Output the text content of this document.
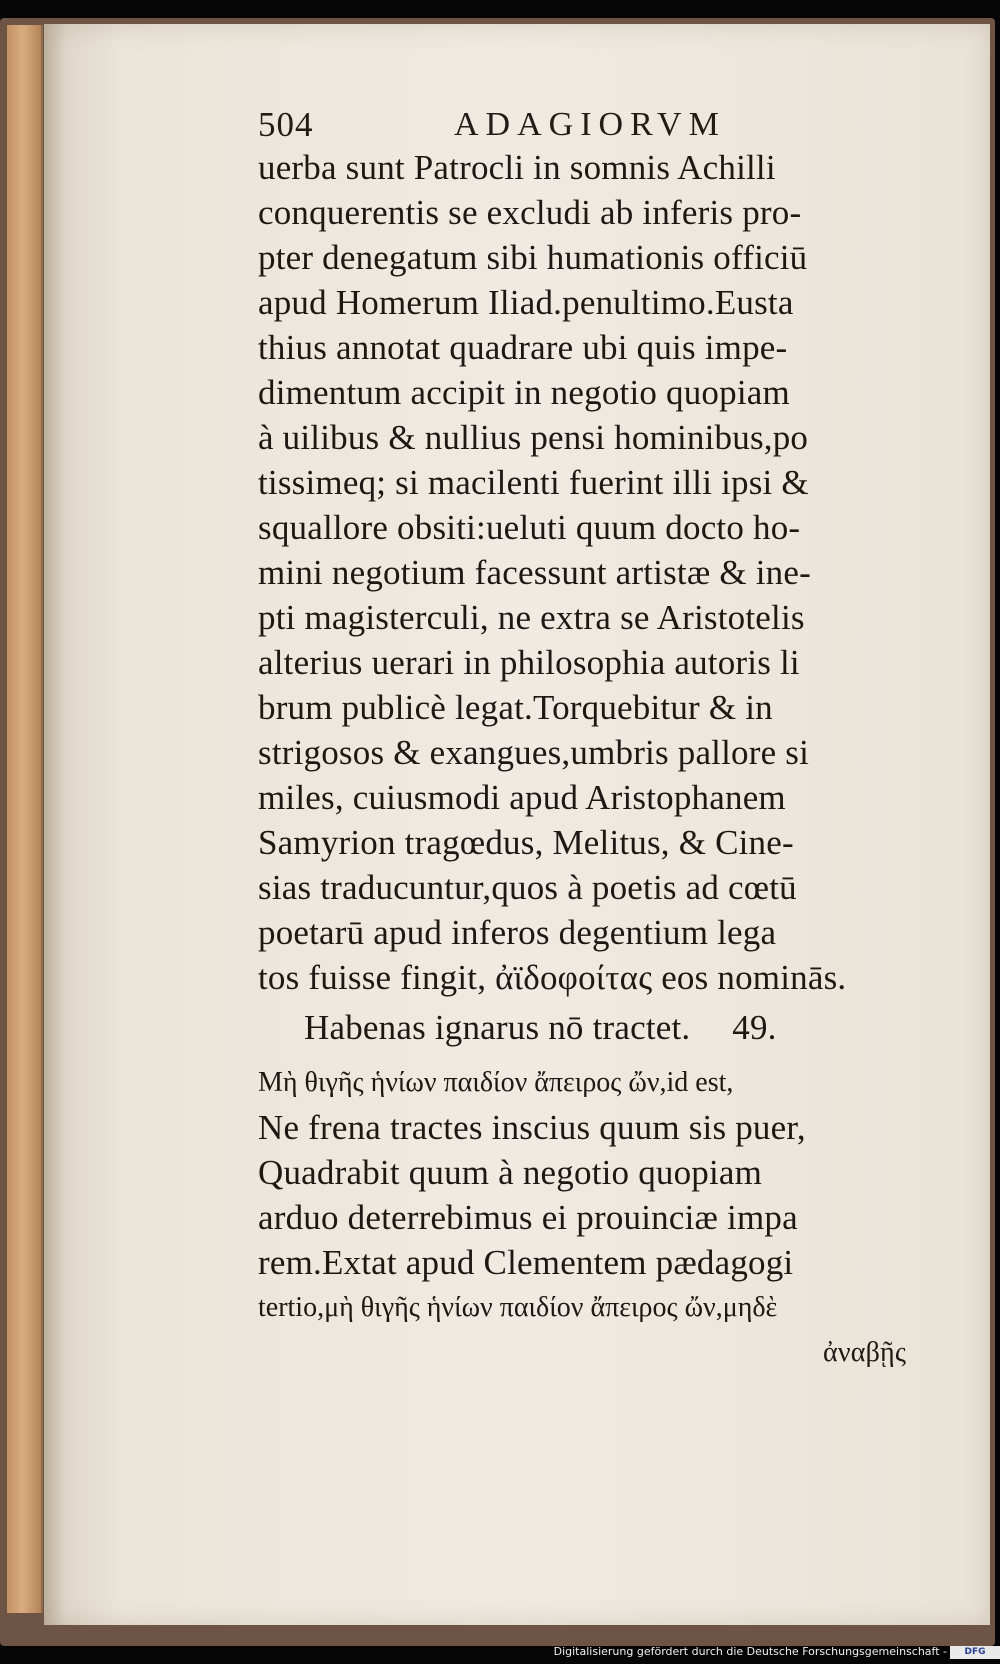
504	ADAGIORVM
uerba sunt Patrocli in somnis Achilli
conquerentis se excludi ab inferis pro-
pter denegatum sibi humationis officiū
apud Homerum Iliad.penultimo.Eusta
thius annotat quadrare ubi quis impe-
dimentum accipit in negotio quopiam
à uilibus & nullius pensi hominibus,po
tissimeq; si macilenti fuerint illi ipsi &
squallore obsiti:ueluti quum docto ho-
mini negotium facessunt artistæ & ine-
pti magisterculi, ne extra se Aristotelis
alterius uerari in philosophia autoris li
brum publicè legat.Torquebitur & in
strigosos & exangues,umbris pallore si
miles, cuiusmodi apud Aristophanem
Samyrion tragœdus, Melitus, & Cine-
sias traducuntur,quos à poetis ad cœtū
poetarū apud inferos degentium lega
tos fuisse fingit, ἀϊδοφοίτας eos nominās.
Habenas ignarus nō tractet. 49.
Μὴ θιγῆς ἡνίων παιδίον ἄπειρος ὤν,id est,
Ne frena tractes inscius quum sis puer,
Quadrabit quum à negotio quopiam
arduo deterrebimus ei prouinciæ impa
rem.Extat apud Clementem pædagogi
tertio,μὴ θιγῆς ἡνίων παιδίον ἄπειρος ὤν,μηδὲ
ἀναβῇς
Digitalisierung gefördert durch die Deutsche Forschungsgemeinschaft -	DFG
